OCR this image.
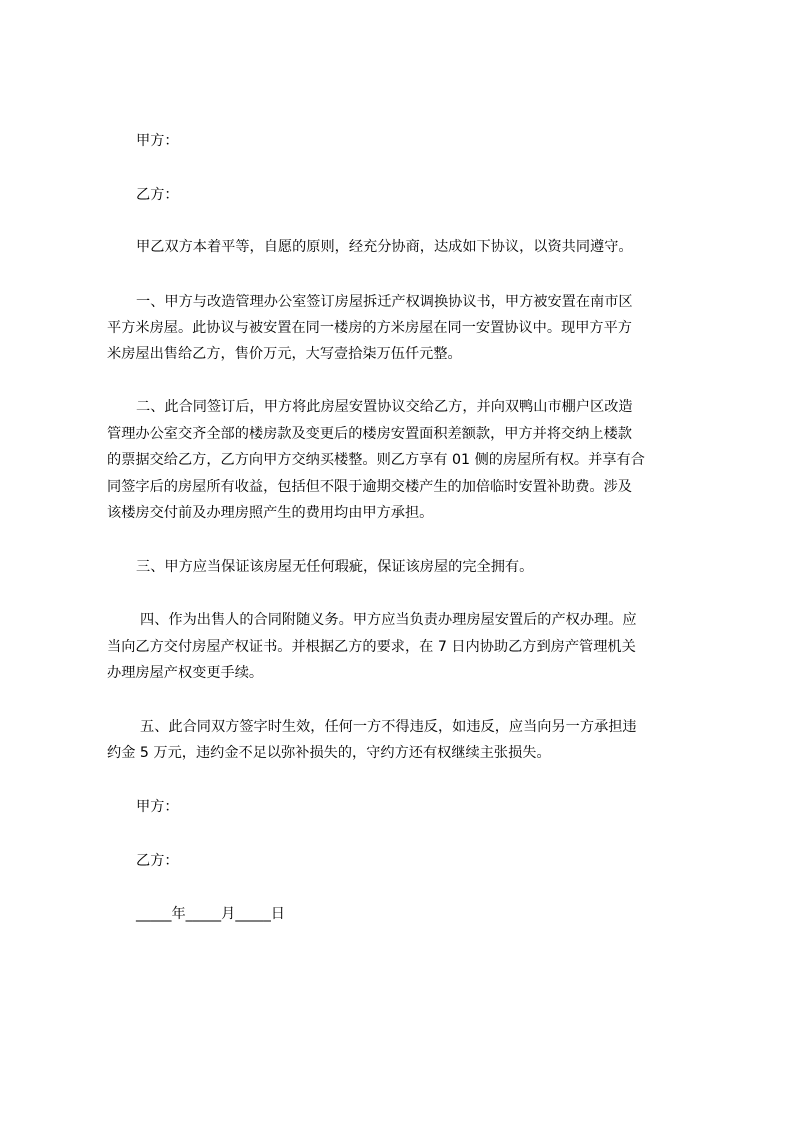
甲方：
乙方：
甲乙双方本着平等，自愿的原则，经充分协商，达成如下协议，以资共同遵守。
一、甲方与改造管理办公室签订房屋拆迁产权调换协议书，甲方被安置在南市区
平方米房屋。此协议与被安置在同一楼房的方米房屋在同一安置协议中。现甲方平方
米房屋出售给乙方，售价万元，大写壹拾柒万伍仟元整。
二、此合同签订后，甲方将此房屋安置协议交给乙方，并向双鸭山市棚户区改造
管理办公室交齐全部的楼房款及变更后的楼房安置面积差额款，甲方并将交纳上楼款
的票据交给乙方，乙方向甲方交纳买楼整。则乙方享有 01 侧的房屋所有权。并享有合
同签字后的房屋所有收益，包括但不限于逾期交楼产生的加倍临时安置补助费。涉及
该楼房交付前及办理房照产生的费用均由甲方承担。
三、甲方应当保证该房屋无任何瑕疵，保证该房屋的完全拥有。
四、作为出售人的合同附随义务。甲方应当负责办理房屋安置后的产权办理。应
当向乙方交付房屋产权证书。并根据乙方的要求，在 7 日内协助乙方到房产管理机关
办理房屋产权变更手续。
五、此合同双方签字时生效，任何一方不得违反，如违反，应当向另一方承担违
约金 5 万元，违约金不足以弥补损失的，守约方还有权继续主张损失。
甲方：
乙方：
_____年_____月_____日
